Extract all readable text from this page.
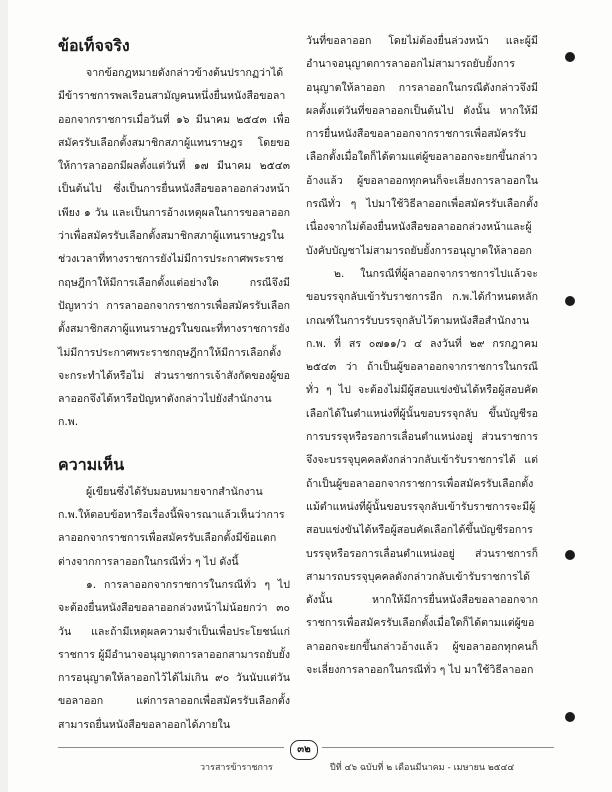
ข้อเท็จจริง

จากข้อกฎหมายดังกล่าวข้างต้นปรากฏว่าได้มีข้าราชการพลเรือนสามัญคนหนึ่งยื่นหนังสือขอลาออกจากราชการเมื่อวันที่ ๑๖ มีนาคม ๒๕๔๓ เพื่อสมัครรับเลือกตั้งสมาชิกสภาผู้แทนราษฎร โดยขอให้การลาออกมีผลตั้งแต่วันที่ ๑๗ มีนาคม ๒๕๔๓ เป็นต้นไป ซึ่งเป็นการยื่นหนังสือขอลาออกล่วงหน้าเพียง ๑ วัน และเป็นการอ้างเหตุผลในการขอลาออกว่าเพื่อสมัครรับเลือกตั้งสมาชิกสภาผู้แทนราษฎรในช่วงเวลาที่ทางราชการยังไม่มีการประกาศพระราชกฤษฎีกาให้มีการเลือกตั้งแต่อย่างใด กรณีจึงมีปัญหาว่า การลาออกจากราชการเพื่อสมัครรับเลือกตั้งสมาชิกสภาผู้แทนราษฎรในขณะที่ทางราชการยังไม่มีการประกาศพระราชกฤษฎีกาให้มีการเลือกตั้งจะกระทำได้หรือไม่ ส่วนราชการเจ้าสังกัดของผู้ขอลาออกจึงได้หารือปัญหาดังกล่าวไปยังสำนักงาน ก.พ.

ความเห็น

ผู้เขียนซึ่งได้รับมอบหมายจากสำนักงาน ก.พ.ให้ตอบข้อหารือเรื่องนี้พิจารณาแล้วเห็นว่าการลาออกจากราชการเพื่อสมัครรับเลือกตั้งมีข้อแตกต่างจากการลาออกในกรณีทั่ว ๆ ไป ดังนี้

๑. การลาออกจากราชการในกรณีทั่ว ๆ ไป จะต้องยื่นหนังสือขอลาออกล่วงหน้าไม่น้อยกว่า ๓๐ วัน และถ้ามีเหตุผลความจำเป็นเพื่อประโยชน์แก่ราชการ ผู้มีอำนาจอนุญาตการลาออกสามารถยับยั้งการอนุญาตให้ลาออกไว้ได้ไม่เกิน ๙๐ วันนับแต่วันขอลาออก แต่การลาออกเพื่อสมัครรับเลือกตั้งสามารถยื่นหนังสือขอลาออกได้ภายใน

วันที่ขอลาออก โดยไม่ต้องยื่นล่วงหน้า และผู้มีอำนาจอนุญาตการลาออกไม่สามารถยับยั้งการอนุญาตให้ลาออก การลาออกในกรณีดังกล่าวจึงมีผลตั้งแต่วันที่ขอลาออกเป็นต้นไป ดังนั้น หากให้มีการยื่นหนังสือขอลาออกจากราชการเพื่อสมัครรับเลือกตั้งเมื่อใดก็ได้ตามแต่ผู้ขอลาออกจะยกขึ้นกล่าวอ้างแล้ว ผู้ขอลาออกทุกคนก็จะเลี่ยงการลาออกในกรณีทั่ว ๆ ไปมาใช้วิธีลาออกเพื่อสมัครรับเลือกตั้ง เนื่องจากไม่ต้องยื่นหนังสือขอลาออกล่วงหน้าและผู้บังคับบัญชาไม่สามารถยับยั้งการอนุญาตให้ลาออก

๒. ในกรณีที่ผู้ลาออกจากราชการไปแล้วจะขอบรรจุกลับเข้ารับราชการอีก ก.พ.ได้กำหนดหลักเกณฑ์ในการรับบรรจุกลับไว้ตามหนังสือสำนักงาน ก.พ. ที่ สร ๐๗๑๑/ว ๔ ลงวันที่ ๒๙ กรกฎาคม ๒๕๔๓ ว่า ถ้าเป็นผู้ขอลาออกจากราชการในกรณีทั่ว ๆ ไป จะต้องไม่มีผู้สอบแข่งขันได้หรือผู้สอบคัดเลือกได้ในตำแหน่งที่ผู้นั้นขอบรรจุกลับ ขึ้นบัญชีรอการบรรจุหรือรอการเลื่อนตำแหน่งอยู่ ส่วนราชการจึงจะบรรจุบุคคลดังกล่าวกลับเข้ารับราชการได้ แต่ถ้าเป็นผู้ขอลาออกจากราชการเพื่อสมัครรับเลือกตั้ง แม้ตำแหน่งที่ผู้นั้นขอบรรจุกลับเข้ารับราชการจะมีผู้สอบแข่งขันได้หรือผู้สอบคัดเลือกได้ขึ้นบัญชีรอการบรรจุหรือรอการเลื่อนตำแหน่งอยู่ ส่วนราชการก็สามารถบรรจุบุคคลดังกล่าวกลับเข้ารับราชการได้ ดังนั้น หากให้มีการยื่นหนังสือขอลาออกจากราชการเพื่อสมัครรับเลือกตั้งเมื่อใดก็ได้ตามแต่ผู้ขอลาออกจะยกขึ้นกล่าวอ้างแล้ว ผู้ขอลาออกทุกคนก็จะเลี่ยงการลาออกในกรณีทั่ว ๆ ไป มาใช้วิธีลาออก

๓๒
วารสารข้าราชการ	ปีที่ ๔๖ ฉบับที่ ๒ เดือนมีนาคม - เมษายน ๒๕๔๔
